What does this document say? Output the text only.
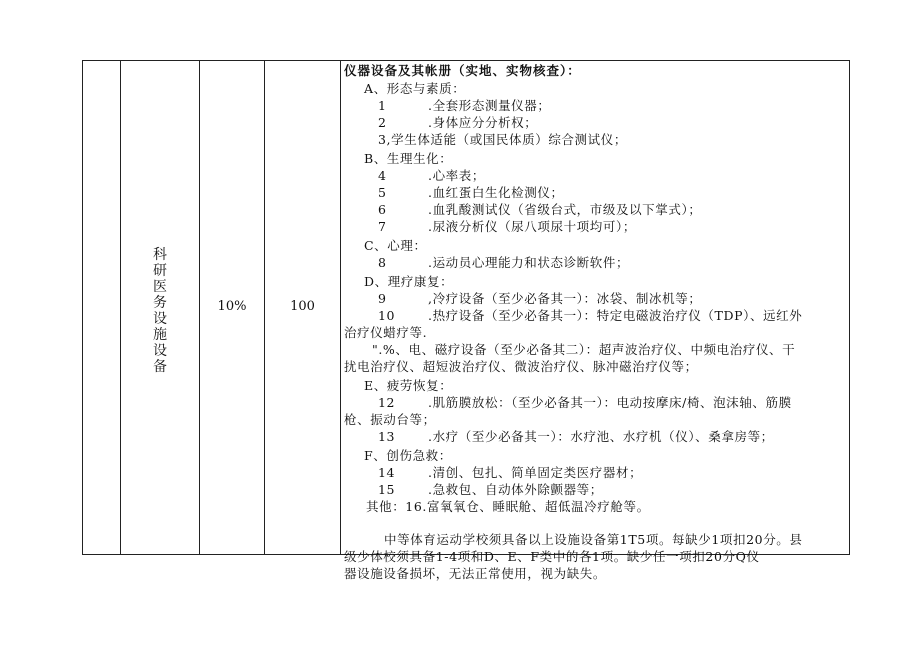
科研医务设施设备
10%	100
仪器设备及其帐册（实地、实物核查）：
A、形态与素质：
1	.全套形态测量仪器；
2	.身体应分分析权；
3,学生体适能（或国民体质）综合测试仪；
B、生理生化：
4	.心率表；
5	.血红蛋白生化检测仪；
6	.血乳酸测试仪（省级台式，市级及以下掌式）；
7	.尿液分析仪（尿八项尿十项均可）；
C、心理：
8	.运动员心理能力和状态诊断软件；
D、理疗康复：
9	,冷疗设备（至少必备其一）：冰袋、制冰机等；
10	.热疗设备（至少必备其一）：特定电磁波治疗仪（TDP）、远红外
治疗仪蜡疗等.
".%、电、磁疗设备（至少必备其二）：超声波治疗仪、中频电治疗仪、干
扰电治疗仪、超短波治疗仪、微波治疗仪、脉冲磁治疗仪等；
E、疲劳恢复：
12	.肌筋膜放松：（至少必备其一）：电动按摩床/椅、泡沫轴、筋膜
枪、振动台等；
13	.水疗（至少必备其一）：水疗池、水疗机（仪）、桑拿房等；
F、创伤急救：
14	.清创、包扎、简单固定类医疗器材；
15	.急救包、自动体外除颤器等；
其他：16.富氧氧仓、睡眠舱、超低温冷疗舱等。
中等体育运动学校须具备以上设施设备第1T5项。每缺少1项扣20分。县
级少体校须具备1-4项和D、E、F类中的各1项。缺少任一项扣20分Q仪
器设施设备损坏，无法正常使用，视为缺失。
